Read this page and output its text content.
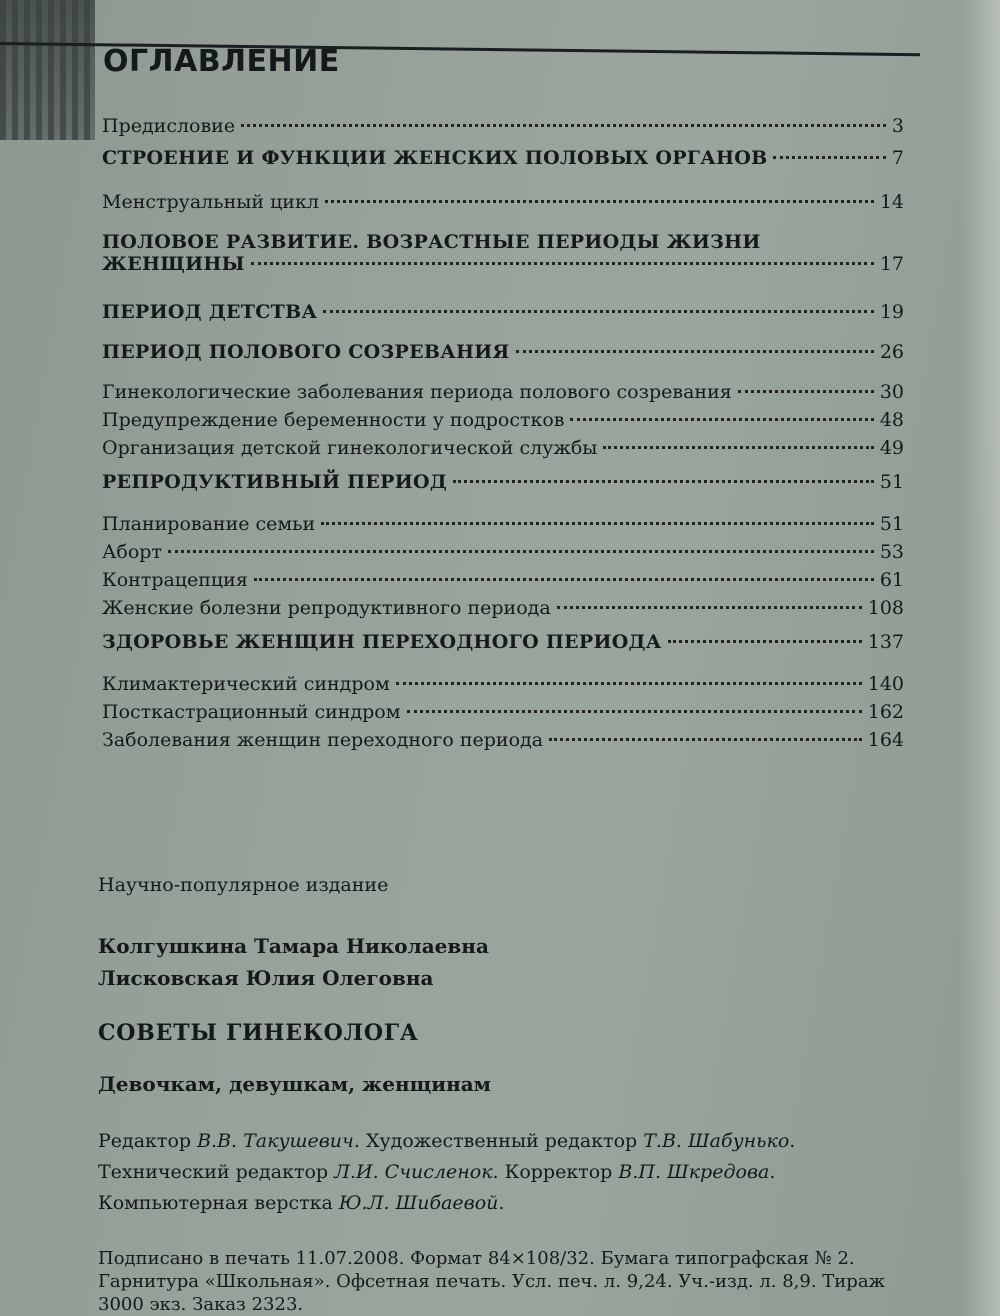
ОГЛАВЛЕНИЕ
Предисловие	3
СТРОЕНИЕ И ФУНКЦИИ ЖЕНСКИХ ПОЛОВЫХ ОРГАНОВ	7
Менструальный цикл	14
ПОЛОВОЕ РАЗВИТИЕ. ВОЗРАСТНЫЕ ПЕРИОДЫ ЖИЗНИ
ЖЕНЩИНЫ	17
ПЕРИОД ДЕТСТВА	19
ПЕРИОД ПОЛОВОГО СОЗРЕВАНИЯ	26
Гинекологические заболевания периода полового созревания	30
Предупреждение беременности у подростков	48
Организация детской гинекологической службы	49
РЕПРОДУКТИВНЫЙ ПЕРИОД	51
Планирование семьи	51
Аборт	53
Контрацепция	61
Женские болезни репродуктивного периода	108
ЗДОРОВЬЕ ЖЕНЩИН ПЕРЕХОДНОГО ПЕРИОДА	137
Климактерический синдром	140
Посткастрационный синдром	162
Заболевания женщин переходного периода	164

Научно-популярное издание

Колгушкина Тамара Николаевна
Лисковская Юлия Олеговна
СОВЕТЫ ГИНЕКОЛОГА
Девочкам, девушкам, женщинам
Редактор В.В. Такушевич. Художественный редактор Т.В. Шабунько.
Технический редактор Л.И. Счисленок. Корректор В.П. Шкредова.
Компьютерная верстка Ю.Л. Шибаевой.

Подписано в печать 11.07.2008. Формат 84×108/32. Бумага типографская № 2. Гарнитура «Школьная». Офсетная печать. Усл. печ. л. 9,24. Уч.-изд. л. 8,9. Тираж 3000 экз. Заказ 2323.
